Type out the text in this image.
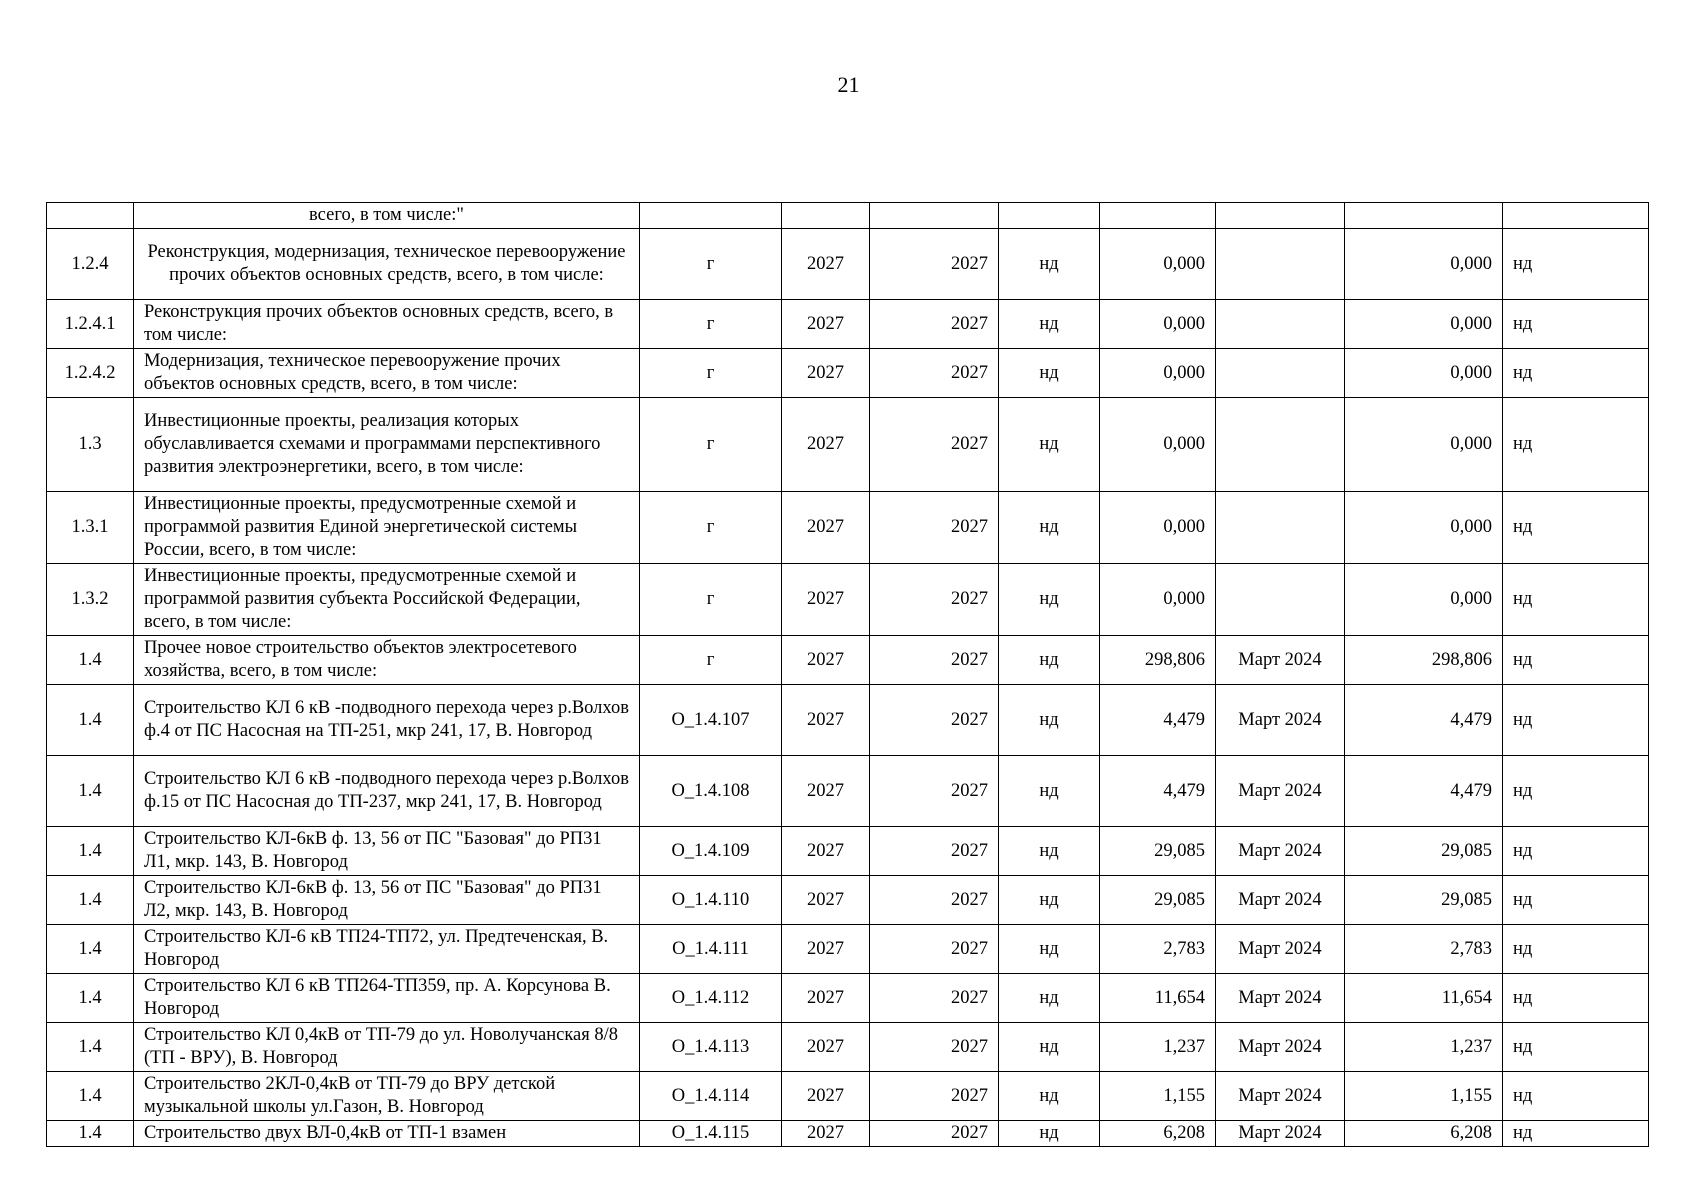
21
	всего, в том числе:"								
1.2.4	Реконструкция, модернизация, техническое перевооружение прочих объектов основных средств, всего, в том числе:	г	2027	2027	нд	0,000		0,000	нд
1.2.4.1	Реконструкция прочих объектов основных средств, всего, в том числе:	г	2027	2027	нд	0,000		0,000	нд
1.2.4.2	Модернизация, техническое перевооружение прочих объектов основных средств, всего, в том числе:	г	2027	2027	нд	0,000		0,000	нд
1.3	Инвестиционные проекты, реализация которых обуславливается схемами и программами перспективного развития электроэнергетики, всего, в том числе:	г	2027	2027	нд	0,000		0,000	нд
1.3.1	Инвестиционные проекты, предусмотренные схемой и программой развития Единой энергетической системы России, всего, в том числе:	г	2027	2027	нд	0,000		0,000	нд
1.3.2	Инвестиционные проекты, предусмотренные схемой и программой развития субъекта Российской Федерации, всего, в том числе:	г	2027	2027	нд	0,000		0,000	нд
1.4	Прочее новое строительство объектов электросетевого хозяйства, всего, в том числе:	г	2027	2027	нд	298,806	Март 2024	298,806	нд
1.4	Строительство КЛ 6 кВ -подводного перехода через р.Волхов ф.4 от ПС Насосная на ТП-251, мкр 241, 17, В. Новгород	О_1.4.107	2027	2027	нд	4,479	Март 2024	4,479	нд
1.4	Строительство КЛ 6 кВ -подводного перехода через р.Волхов ф.15 от ПС Насосная до ТП-237, мкр 241, 17, В. Новгород	О_1.4.108	2027	2027	нд	4,479	Март 2024	4,479	нд
1.4	Строительство КЛ-6кВ ф. 13, 56 от ПС "Базовая" до РП31 Л1, мкр. 143, В. Новгород	О_1.4.109	2027	2027	нд	29,085	Март 2024	29,085	нд
1.4	Строительство КЛ-6кВ ф. 13, 56 от ПС "Базовая" до РП31 Л2, мкр. 143, В. Новгород	О_1.4.110	2027	2027	нд	29,085	Март 2024	29,085	нд
1.4	Строительство КЛ-6 кВ ТП24-ТП72, ул. Предтеченская, В. Новгород	О_1.4.111	2027	2027	нд	2,783	Март 2024	2,783	нд
1.4	Строительство КЛ 6 кВ ТП264-ТП359, пр. А. Корсунова В. Новгород	О_1.4.112	2027	2027	нд	11,654	Март 2024	11,654	нд
1.4	Строительство КЛ 0,4кВ от ТП-79 до ул. Новолучанская 8/8 (ТП - ВРУ), В. Новгород	О_1.4.113	2027	2027	нд	1,237	Март 2024	1,237	нд
1.4	Строительство 2КЛ-0,4кВ от ТП-79 до ВРУ детской музыкальной школы ул.Газон, В. Новгород	О_1.4.114	2027	2027	нд	1,155	Март 2024	1,155	нд
1.4	Строительство двух ВЛ-0,4кВ от ТП-1 взамен	О_1.4.115	2027	2027	нд	6,208	Март 2024	6,208	нд
